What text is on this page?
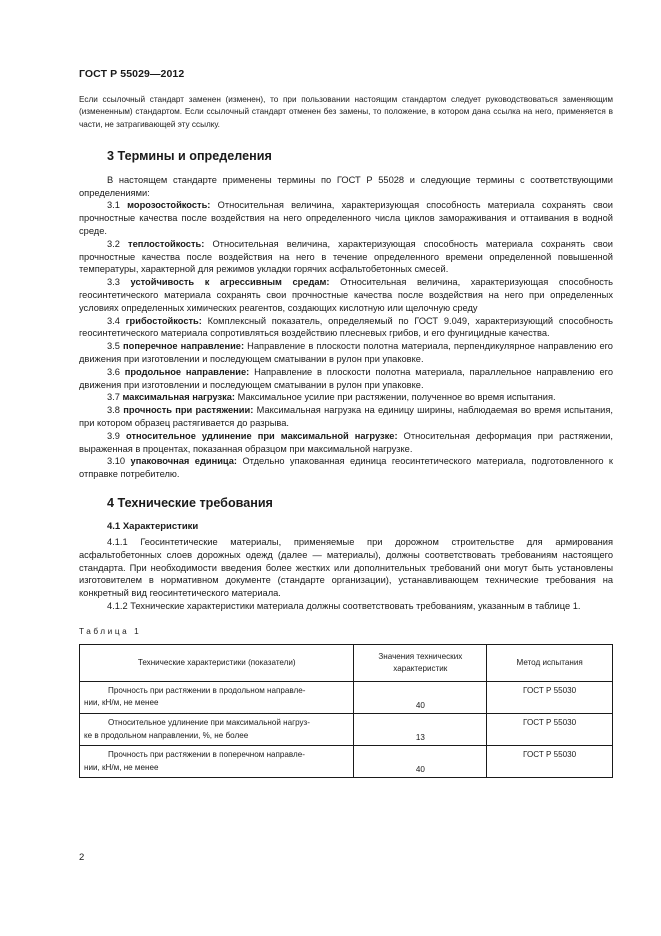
ГОСТ Р 55029—2012

Если ссылочный стандарт заменен (изменен), то при пользовании настоящим стандартом следует руководствоваться заменяющим (измененным) стандартом. Если ссылочный стандарт отменен без замены, то положение, в котором дана ссылка на него, применяется в части, не затрагивающей эту ссылку.

3 Термины и определения

В настоящем стандарте применены термины по ГОСТ Р 55028 и следующие термины с соответствующими определениями:

3.1 морозостойкость: Относительная величина, характеризующая способность материала сохранять свои прочностные качества после воздействия на него определенного числа циклов замораживания и оттаивания в водной среде.

3.2 теплостойкость: Относительная величина, характеризующая способность материала сохранять свои прочностные качества после воздействия на него в течение определенного времени определенной повышенной температуры, характерной для режимов укладки горячих асфальтобетонных смесей.

3.3 устойчивость к агрессивным средам: Относительная величина, характеризующая способность геосинтетического материала сохранять свои прочностные качества после воздействия на него при определенных условиях определенных химических реагентов, создающих кислотную или щелочную среду

3.4 грибостойкость: Комплексный показатель, определяемый по ГОСТ 9.049, характеризующий способность геосинтетического материала сопротивляться воздействию плесневых грибов, и его фунгицидные качества.

3.5 поперечное направление: Направление в плоскости полотна материала, перпендикулярное направлению его движения при изготовлении и последующем сматывании в рулон при упаковке.

3.6 продольное направление: Направление в плоскости полотна материала, параллельное направлению его движения при изготовлении и последующем сматывании в рулон при упаковке.

3.7 максимальная нагрузка: Максимальное усилие при растяжении, полученное во время испытания.

3.8 прочность при растяжении: Максимальная нагрузка на единицу ширины, наблюдаемая во время испытания, при котором образец растягивается до разрыва.

3.9 относительное удлинение при максимальной нагрузке: Относительная деформация при растяжении, выраженная в процентах, показанная образцом при максимальной нагрузке.

3.10 упаковочная единица: Отдельно упакованная единица геосинтетического материала, подготовленного к отправке потребителю.

4 Технические требования
4.1 Характеристики

4.1.1 Геосинтетические материалы, применяемые при дорожном строительстве для армирования асфальтобетонных слоев дорожных одежд (далее — материалы), должны соответствовать требованиям настоящего стандарта. При необходимости введения более жестких или дополнительных требований они могут быть установлены изготовителем в нормативном документе (стандарте организации), устанавливающем технические требования на конкретный вид геосинтетического материала.

4.1.2 Технические характеристики материала должны соответствовать требованиям, указанным в таблице 1.

Таблица 1

Технические характеристики (показатели)	Значения технических характеристик	Метод испытания

Прочность при растяжении в продольном направле-
нии, кН/м, не менее	40	ГОСТ Р 55030

Относительное удлинение при максимальной нагруз-
ке в продольном направлении, %, не более	13	ГОСТ Р 55030

Прочность при растяжении в поперечном направле-
нии, кН/м, не менее	40	ГОСТ Р 55030
2
